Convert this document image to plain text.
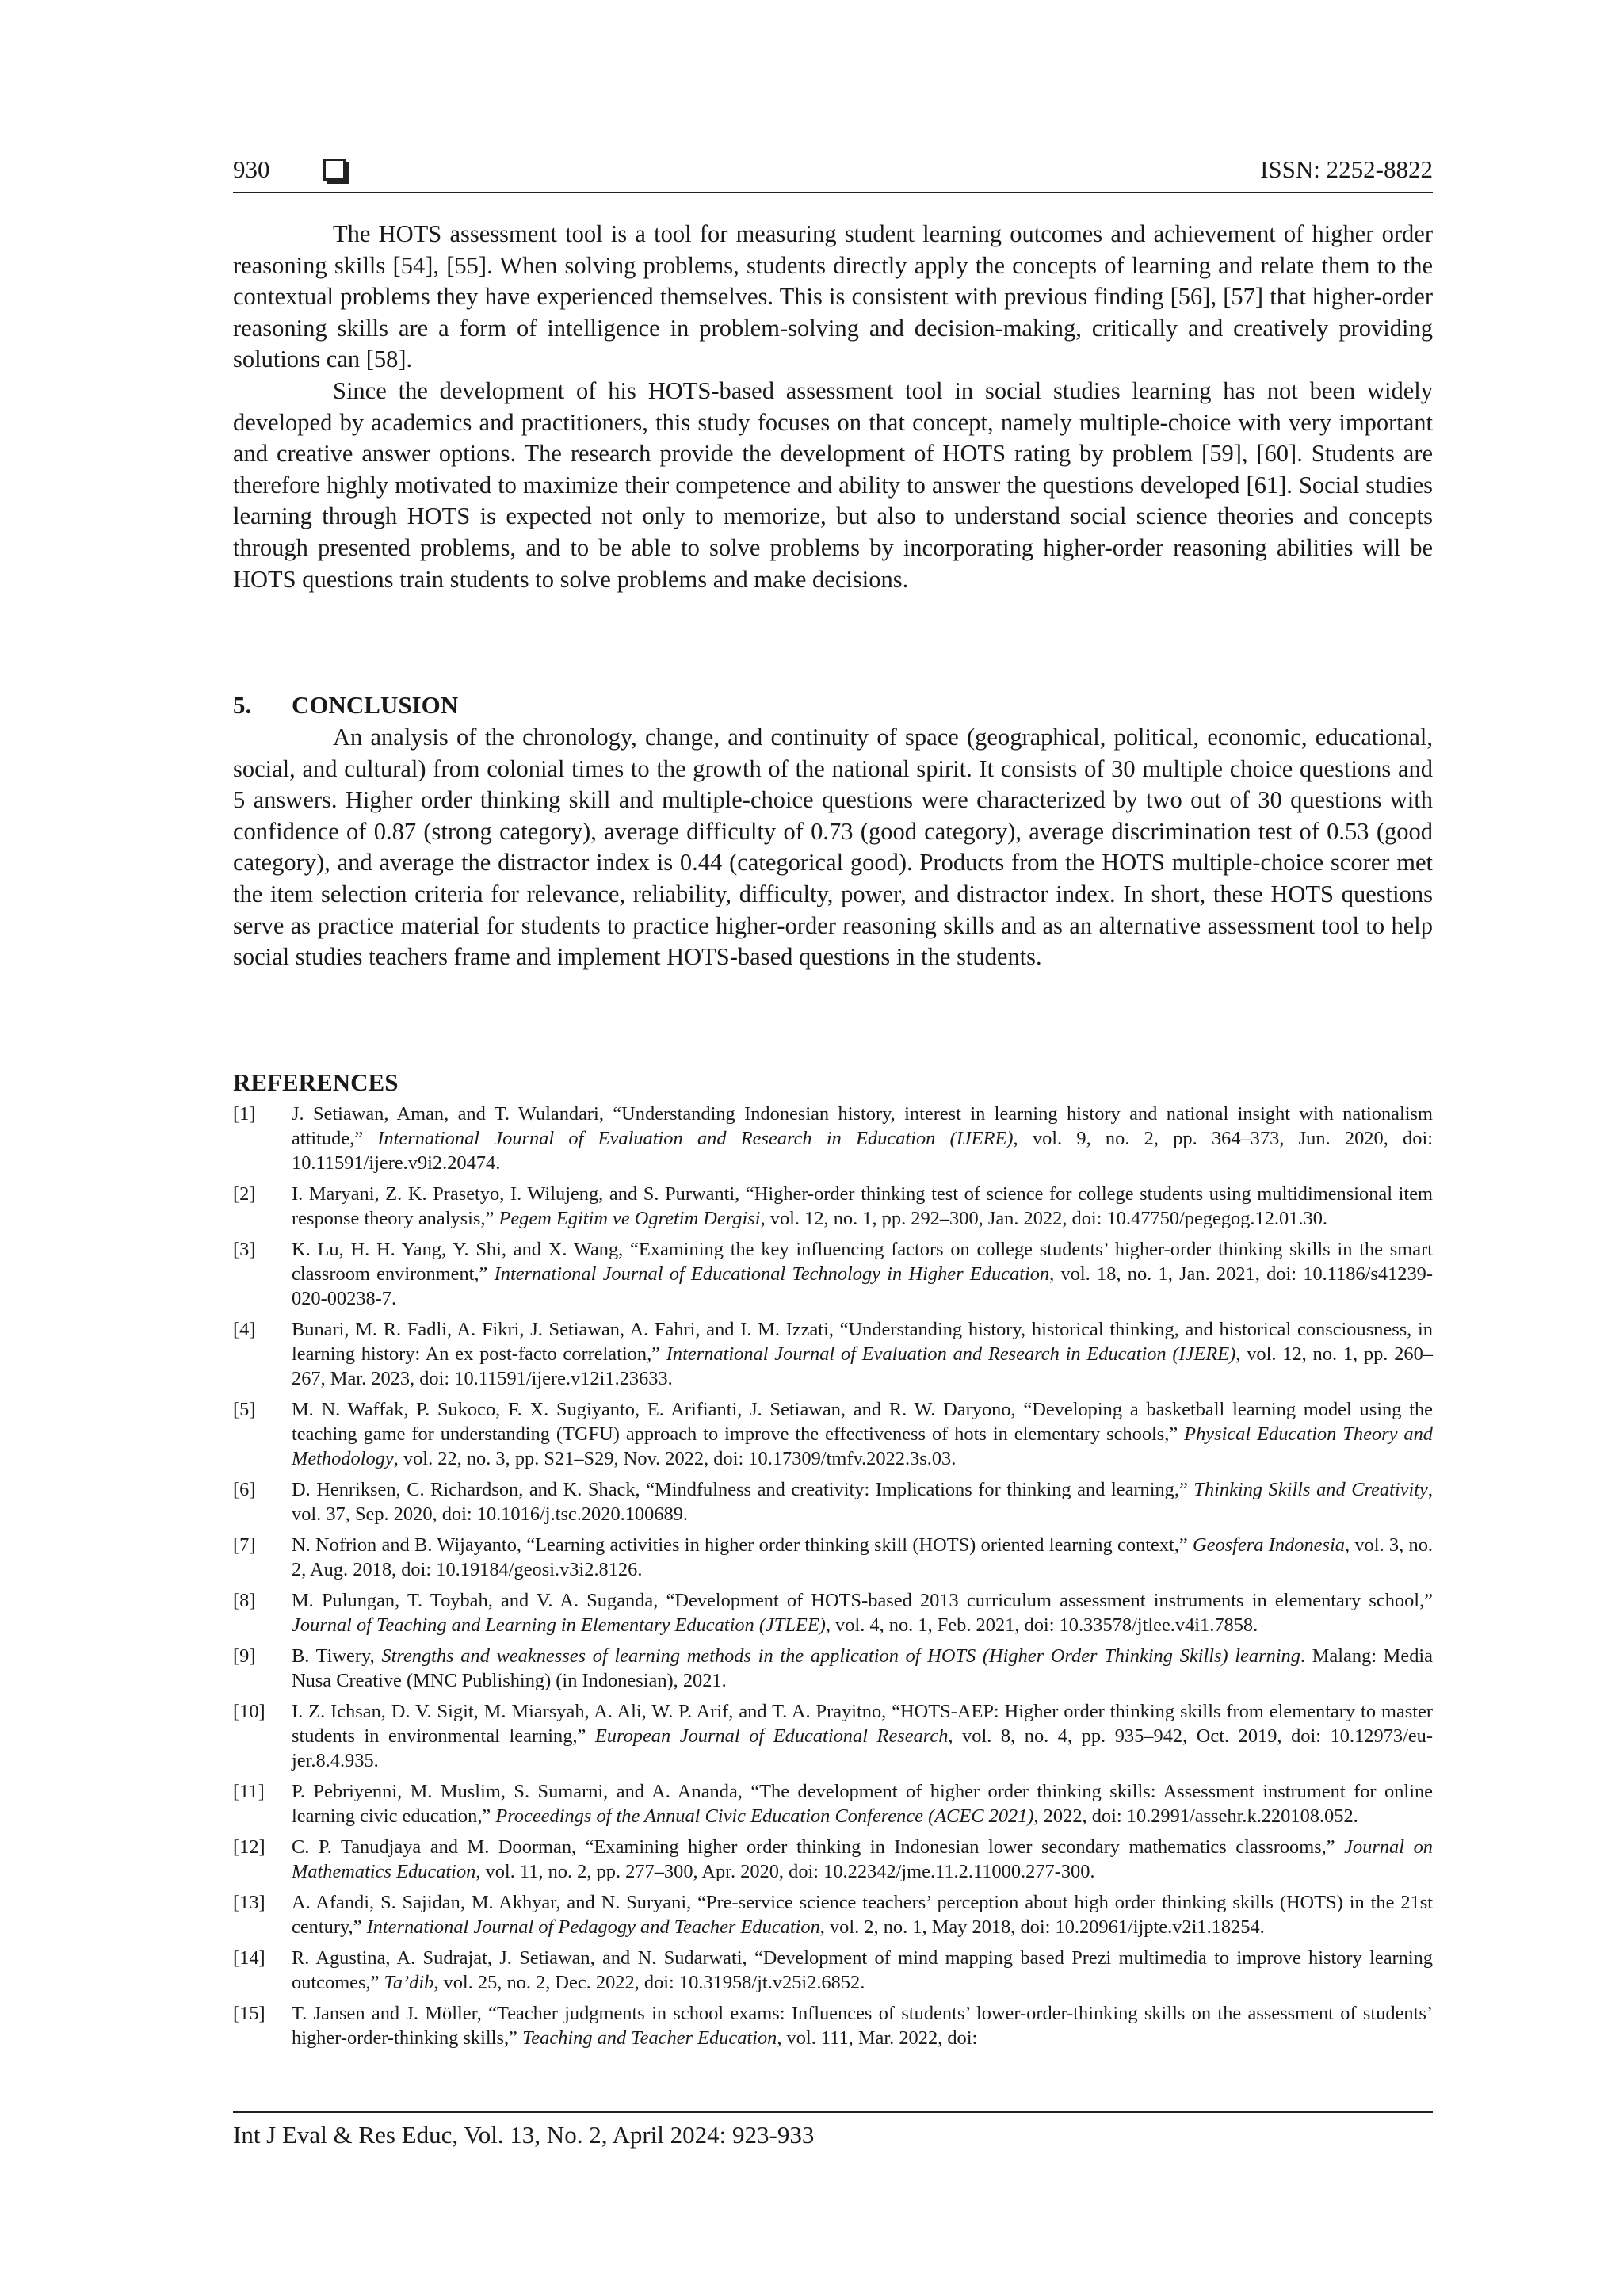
930	ISSN: 2252-8822

The HOTS assessment tool is a tool for measuring student learning outcomes and achievement of higher order reasoning skills [54], [55]. When solving problems, students directly apply the concepts of learning and relate them to the contextual problems they have experienced themselves. This is consistent with previous finding [56], [57] that higher-order reasoning skills are a form of intelligence in problem-solving and decision-making, critically and creatively providing solutions can [58].

Since the development of his HOTS-based assessment tool in social studies learning has not been widely developed by academics and practitioners, this study focuses on that concept, namely multiple-choice with very important and creative answer options. The research provide the development of HOTS rating by problem [59], [60]. Students are therefore highly motivated to maximize their competence and ability to answer the questions developed [61]. Social studies learning through HOTS is expected not only to memorize, but also to understand social science theories and concepts through presented problems, and to be able to solve problems by incorporating higher-order reasoning abilities will be HOTS questions train students to solve problems and make decisions.

5. CONCLUSION

An analysis of the chronology, change, and continuity of space (geographical, political, economic, educational, social, and cultural) from colonial times to the growth of the national spirit. It consists of 30 multiple choice questions and 5 answers. Higher order thinking skill and multiple-choice questions were characterized by two out of 30 questions with confidence of 0.87 (strong category), average difficulty of 0.73 (good category), average discrimination test of 0.53 (good category), and average the distractor index is 0.44 (categorical good). Products from the HOTS multiple-choice scorer met the item selection criteria for relevance, reliability, difficulty, power, and distractor index. In short, these HOTS questions serve as practice material for students to practice higher-order reasoning skills and as an alternative assessment tool to help social studies teachers frame and implement HOTS-based questions in the students.

REFERENCES
[1] J. Setiawan, Aman, and T. Wulandari, “Understanding Indonesian history, interest in learning history and national insight with nationalism attitude,” International Journal of Evaluation and Research in Education (IJERE), vol. 9, no. 2, pp. 364–373, Jun. 2020, doi: 10.11591/ijere.v9i2.20474.
[2] I. Maryani, Z. K. Prasetyo, I. Wilujeng, and S. Purwanti, “Higher-order thinking test of science for college students using multidimensional item response theory analysis,” Pegem Egitim ve Ogretim Dergisi, vol. 12, no. 1, pp. 292–300, Jan. 2022, doi: 10.47750/pegegog.12.01.30.
[3] K. Lu, H. H. Yang, Y. Shi, and X. Wang, “Examining the key influencing factors on college students’ higher-order thinking skills in the smart classroom environment,” International Journal of Educational Technology in Higher Education, vol. 18, no. 1, Jan. 2021, doi: 10.1186/s41239-020-00238-7.
[4] Bunari, M. R. Fadli, A. Fikri, J. Setiawan, A. Fahri, and I. M. Izzati, “Understanding history, historical thinking, and historical consciousness, in learning history: An ex post-facto correlation,” International Journal of Evaluation and Research in Education (IJERE), vol. 12, no. 1, pp. 260–267, Mar. 2023, doi: 10.11591/ijere.v12i1.23633.
[5] M. N. Waffak, P. Sukoco, F. X. Sugiyanto, E. Arifianti, J. Setiawan, and R. W. Daryono, “Developing a basketball learning model using the teaching game for understanding (TGFU) approach to improve the effectiveness of hots in elementary schools,” Physical Education Theory and Methodology, vol. 22, no. 3, pp. S21–S29, Nov. 2022, doi: 10.17309/tmfv.2022.3s.03.
[6] D. Henriksen, C. Richardson, and K. Shack, “Mindfulness and creativity: Implications for thinking and learning,” Thinking Skills and Creativity, vol. 37, Sep. 2020, doi: 10.1016/j.tsc.2020.100689.
[7] N. Nofrion and B. Wijayanto, “Learning activities in higher order thinking skill (HOTS) oriented learning context,” Geosfera Indonesia, vol. 3, no. 2, Aug. 2018, doi: 10.19184/geosi.v3i2.8126.
[8] M. Pulungan, T. Toybah, and V. A. Suganda, “Development of HOTS-based 2013 curriculum assessment instruments in elementary school,” Journal of Teaching and Learning in Elementary Education (JTLEE), vol. 4, no. 1, Feb. 2021, doi: 10.33578/jtlee.v4i1.7858.
[9] B. Tiwery, Strengths and weaknesses of learning methods in the application of HOTS (Higher Order Thinking Skills) learning. Malang: Media Nusa Creative (MNC Publishing) (in Indonesian), 2021.
[10] I. Z. Ichsan, D. V. Sigit, M. Miarsyah, A. Ali, W. P. Arif, and T. A. Prayitno, “HOTS-AEP: Higher order thinking skills from elementary to master students in environmental learning,” European Journal of Educational Research, vol. 8, no. 4, pp. 935–942, Oct. 2019, doi: 10.12973/eu-jer.8.4.935.
[11] P. Pebriyenni, M. Muslim, S. Sumarni, and A. Ananda, “The development of higher order thinking skills: Assessment instrument for online learning civic education,” Proceedings of the Annual Civic Education Conference (ACEC 2021), 2022, doi: 10.2991/assehr.k.220108.052.
[12] C. P. Tanudjaya and M. Doorman, “Examining higher order thinking in Indonesian lower secondary mathematics classrooms,” Journal on Mathematics Education, vol. 11, no. 2, pp. 277–300, Apr. 2020, doi: 10.22342/jme.11.2.11000.277-300.
[13] A. Afandi, S. Sajidan, M. Akhyar, and N. Suryani, “Pre-service science teachers’ perception about high order thinking skills (HOTS) in the 21st century,” International Journal of Pedagogy and Teacher Education, vol. 2, no. 1, May 2018, doi: 10.20961/ijpte.v2i1.18254.
[14] R. Agustina, A. Sudrajat, J. Setiawan, and N. Sudarwati, “Development of mind mapping based Prezi multimedia to improve history learning outcomes,” Ta’dib, vol. 25, no. 2, Dec. 2022, doi: 10.31958/jt.v25i2.6852.
[15] T. Jansen and J. Möller, “Teacher judgments in school exams: Influences of students’ lower-order-thinking skills on the assessment of students’ higher-order-thinking skills,” Teaching and Teacher Education, vol. 111, Mar. 2022, doi:
Int J Eval & Res Educ, Vol. 13, No. 2, April 2024: 923-933
